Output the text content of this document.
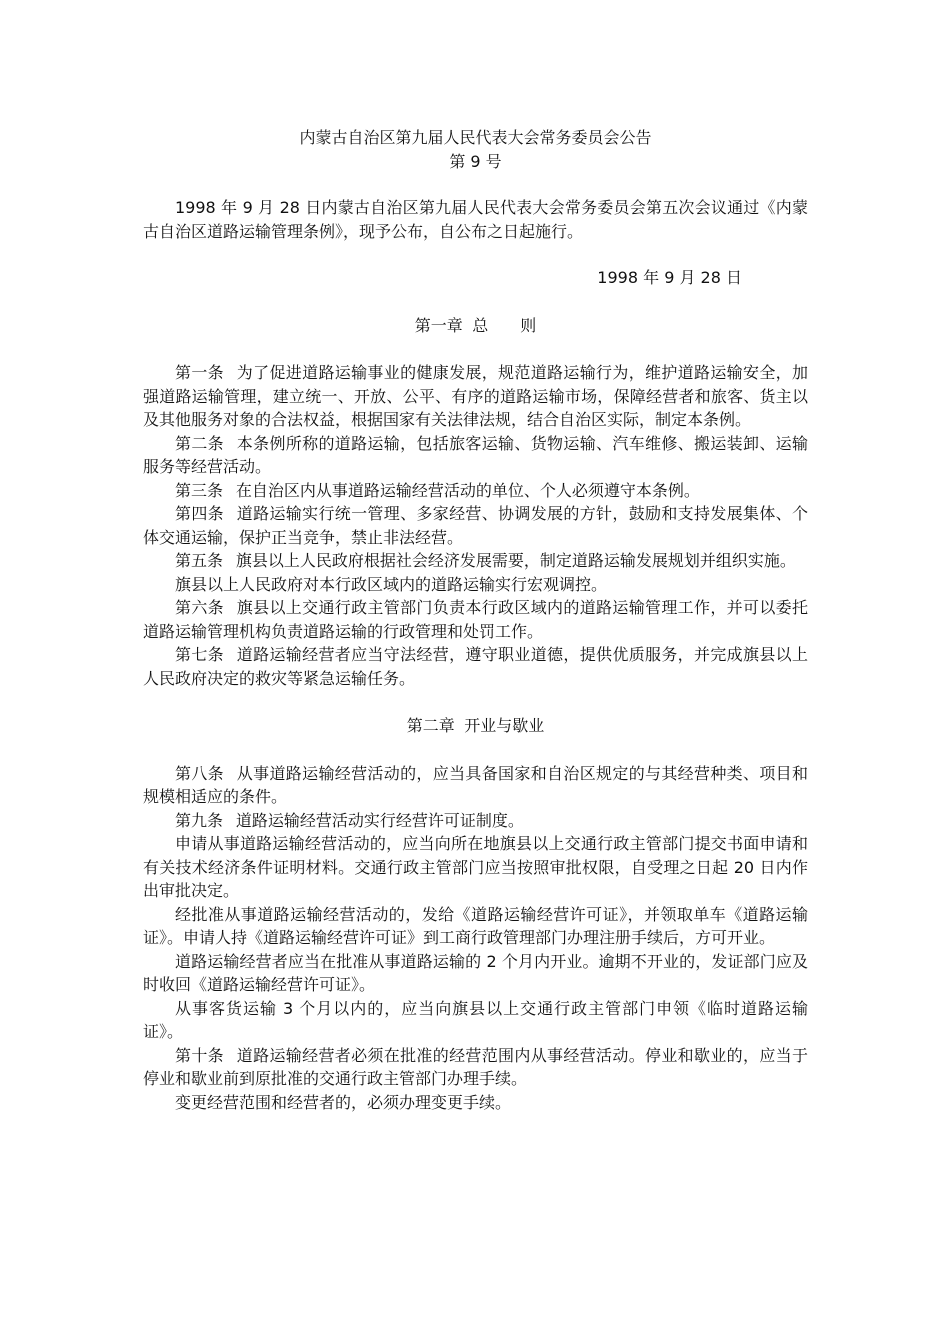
内蒙古自治区第九届人民代表大会常务委员会公告
第 9 号

1998 年 9 月 28 日内蒙古自治区第九届人民代表大会常务委员会第五次会议通过《内蒙古自治区道路运输管理条例》，现予公布，自公布之日起施行。

1998 年 9 月 28 日
第一章 总　　则

第一条 为了促进道路运输事业的健康发展，规范道路运输行为，维护道路运输安全，加强道路运输管理，建立统一、开放、公平、有序的道路运输市场，保障经营者和旅客、货主以及其他服务对象的合法权益，根据国家有关法律法规，结合自治区实际，制定本条例。

第二条 本条例所称的道路运输，包括旅客运输、货物运输、汽车维修、搬运装卸、运输服务等经营活动。

第三条 在自治区内从事道路运输经营活动的单位、个人必须遵守本条例。

第四条 道路运输实行统一管理、多家经营、协调发展的方针，鼓励和支持发展集体、个体交通运输，保护正当竞争，禁止非法经营。

第五条 旗县以上人民政府根据社会经济发展需要，制定道路运输发展规划并组织实施。

旗县以上人民政府对本行政区域内的道路运输实行宏观调控。

第六条 旗县以上交通行政主管部门负责本行政区域内的道路运输管理工作，并可以委托道路运输管理机构负责道路运输的行政管理和处罚工作。

第七条 道路运输经营者应当守法经营，遵守职业道德，提供优质服务，并完成旗县以上人民政府决定的救灾等紧急运输任务。

第二章 开业与歇业

第八条 从事道路运输经营活动的，应当具备国家和自治区规定的与其经营种类、项目和规模相适应的条件。

第九条 道路运输经营活动实行经营许可证制度。

申请从事道路运输经营活动的，应当向所在地旗县以上交通行政主管部门提交书面申请和有关技术经济条件证明材料。交通行政主管部门应当按照审批权限，自受理之日起 20 日内作出审批决定。

经批准从事道路运输经营活动的，发给《道路运输经营许可证》，并领取单车《道路运输证》。申请人持《道路运输经营许可证》到工商行政管理部门办理注册手续后，方可开业。

道路运输经营者应当在批准从事道路运输的 2 个月内开业。逾期不开业的，发证部门应及时收回《道路运输经营许可证》。

从事客货运输 3 个月以内的，应当向旗县以上交通行政主管部门申领《临时道路运输证》。

第十条 道路运输经营者必须在批准的经营范围内从事经营活动。停业和歇业的，应当于停业和歇业前到原批准的交通行政主管部门办理手续。

变更经营范围和经营者的，必须办理变更手续。
